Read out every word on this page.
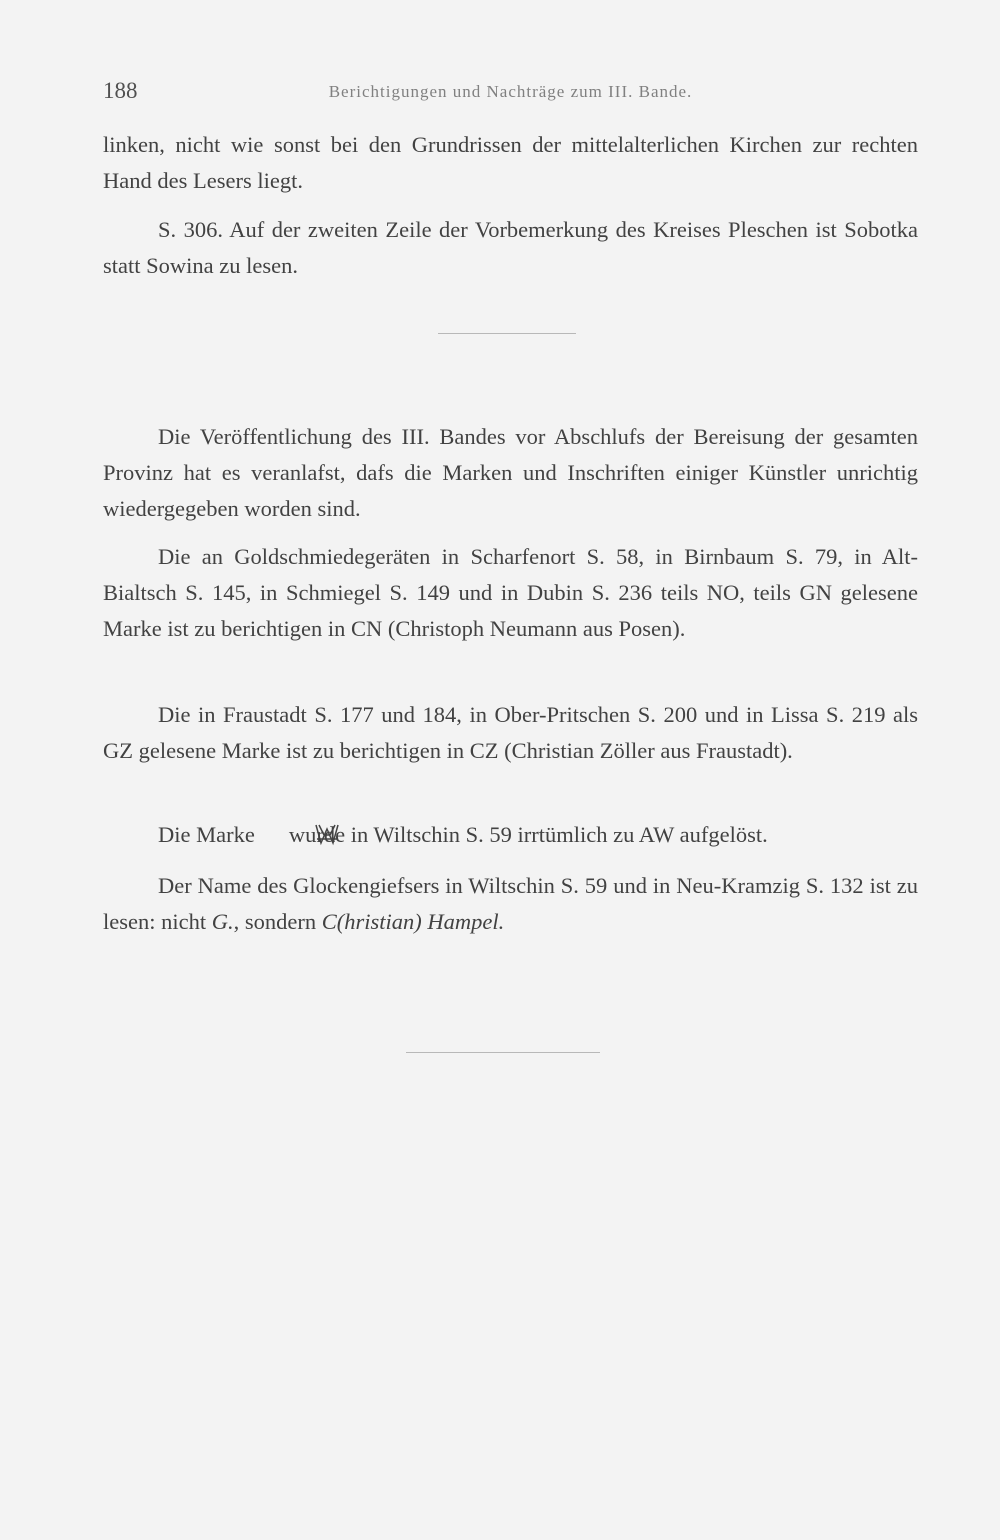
188	Berichtigungen und Nachträge zum III. Bande.

linken, nicht wie sonst bei den Grundrissen der mittelalterlichen Kirchen zur rechten Hand des Lesers liegt.

S. 306. Auf der zweiten Zeile der Vorbemerkung des Kreises Pleschen ist Sobotka statt Sowina zu lesen.

Die Veröffentlichung des III. Bandes vor Abschlufs der Bereisung der gesamten Provinz hat es veranlafst, dafs die Marken und Inschriften einiger Künstler unrichtig wiedergegeben worden sind.

Die an Goldschmiedegeräten in Scharfenort S. 58, in Birnbaum S. 79, in Alt-Bialtsch S. 145, in Schmiegel S. 149 und in Dubin S. 236 teils NO, teils GN gelesene Marke ist zu berichtigen in CN (Christoph Neumann aus Posen).

Die in Fraustadt S. 177 und 184, in Ober-Pritschen S. 200 und in Lissa S. 219 als GZ gelesene Marke ist zu berichtigen in CZ (Christian Zöller aus Fraustadt).

Die Marke wurde in Wiltschin S. 59 irrtümlich zu AW aufgelöst.

Der Name des Glockengiefsers in Wiltschin S. 59 und in Neu-Kramzig S. 132 ist zu lesen: nicht G., sondern C(hristian) Hampel.
